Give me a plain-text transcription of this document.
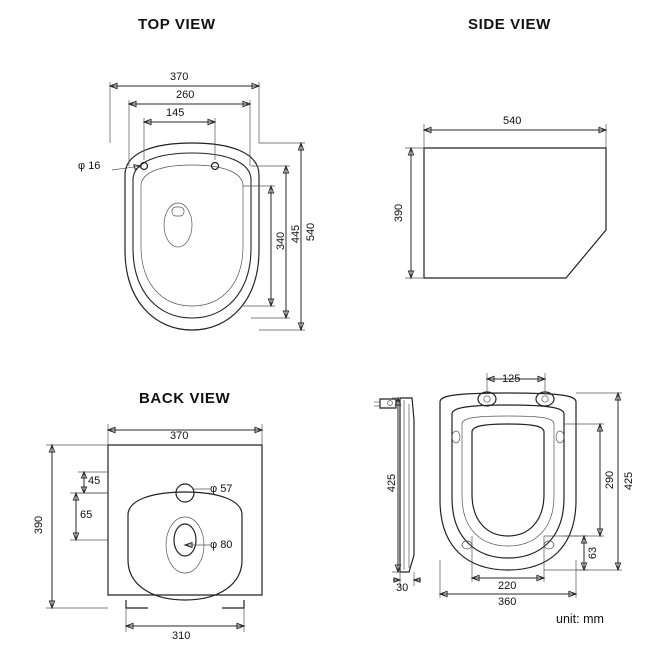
TOP VIEW	SIDE VIEW
BACK VIEW
370
260
145
φ 16
540
445
340
540
390
370
390
45
65
φ 57
φ 80
310
125
425
30
425
290
63
220
360
unit: mm
